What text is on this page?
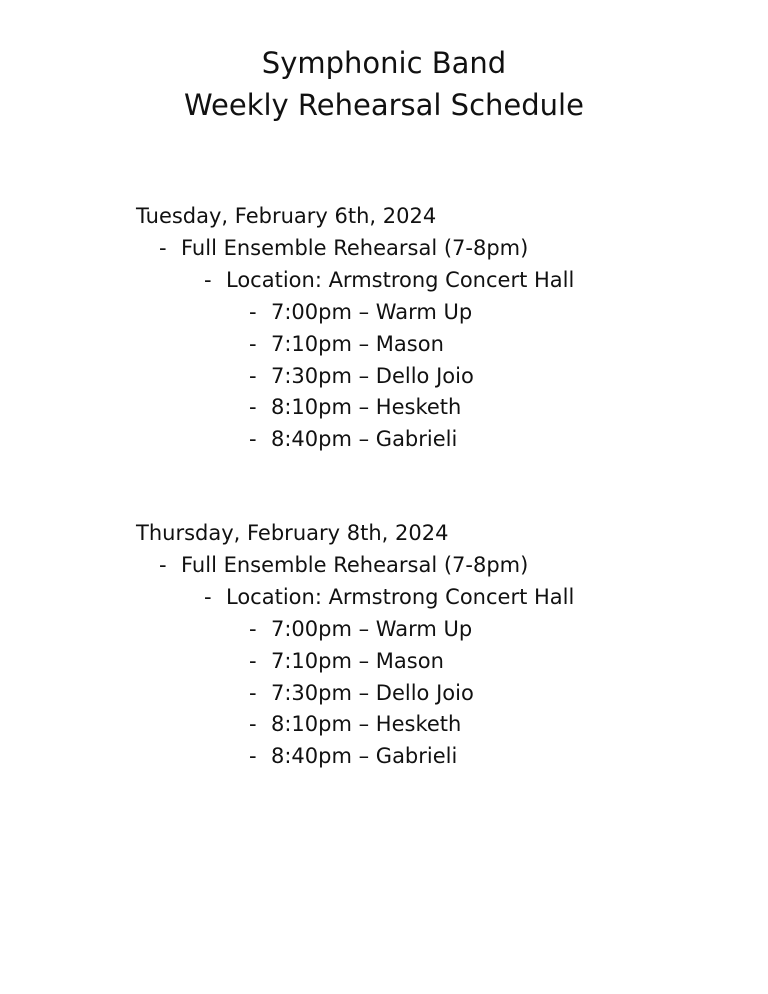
Symphonic Band

Weekly Rehearsal Schedule

Tuesday, February 6th, 2024
- Full Ensemble Rehearsal (7-8pm)
- Location: Armstrong Concert Hall
- 7:00pm – Warm Up
- 7:10pm – Mason
- 7:30pm – Dello Joio
- 8:10pm – Hesketh
- 8:40pm – Gabrieli
Thursday, February 8th, 2024
- Full Ensemble Rehearsal (7-8pm)
- Location: Armstrong Concert Hall
- 7:00pm – Warm Up
- 7:10pm – Mason
- 7:30pm – Dello Joio
- 8:10pm – Hesketh
- 8:40pm – Gabrieli
